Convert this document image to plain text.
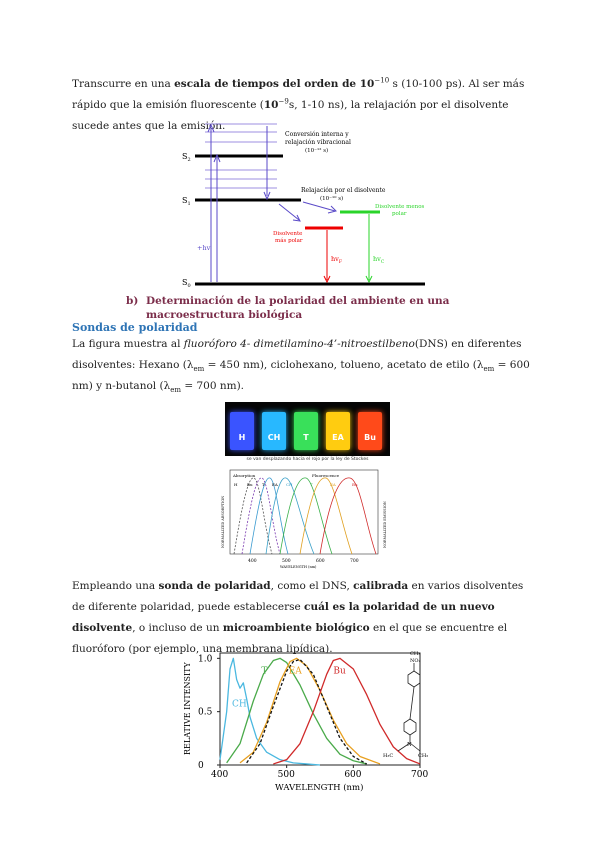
Transcurre en una escala de tiempos del orden de $10^{-10}$ s (10-100 ps). Al ser más rápido que la emisión fluorescente ($10^{-9}s$, 1-10 ns), la relajación por el disolvente sucede antes que la emisión.
$S_2$
$S_1$
$S_0$
+hv
$hv_F$	$hv_C$
Conversión interna y
relajación vibracional
(10⁻¹² s)
Relajación por el disolvente
(10⁻¹⁰ s)
Disolvente menos
polar
Disolvente
más polar
b) Determinación de la polaridad del ambiente en una macroestructura biológica
Sondas de polaridad
La figura muestra al fluoróforo 4- dimetilamino-4’-nitroestilbeno(DNS) en diferentes disolventes: Hexano ($\lambda_{em} = 450$ nm), ciclohexano, tolueno, acetato de etilo ($\lambda_{em} = 600$ nm) y n-butanol ($\lambda_{em} = 700$ nm).
H	CH	T	EA	Bu
se van desplazando hacia el rojo por la ley de Stockes
Absorption	Fluorescence
H Bu T EA CH	T	EA	Bu
400	500	600	700
WAVELENGTH (nm)
NORMALIZED ABSORPTION	NORMALIZED EMISSION
Empleando una sonda de polaridad, como el DNS, calibrada en varios disolventes de diferente polaridad, puede establecerse cuál es la polaridad de un nuevo disolvente, o incluso de un microambiente biológico en el que se encuentre el fluoróforo (por ejemplo, una membrana lipídica).
400	500	600	700
0
0.5
1.0
WAVELENGTH (nm)
RELATIVE INTENSITY	CH
T EA	Bu
CH₃
NO₂
N
H₃C	CH₃
